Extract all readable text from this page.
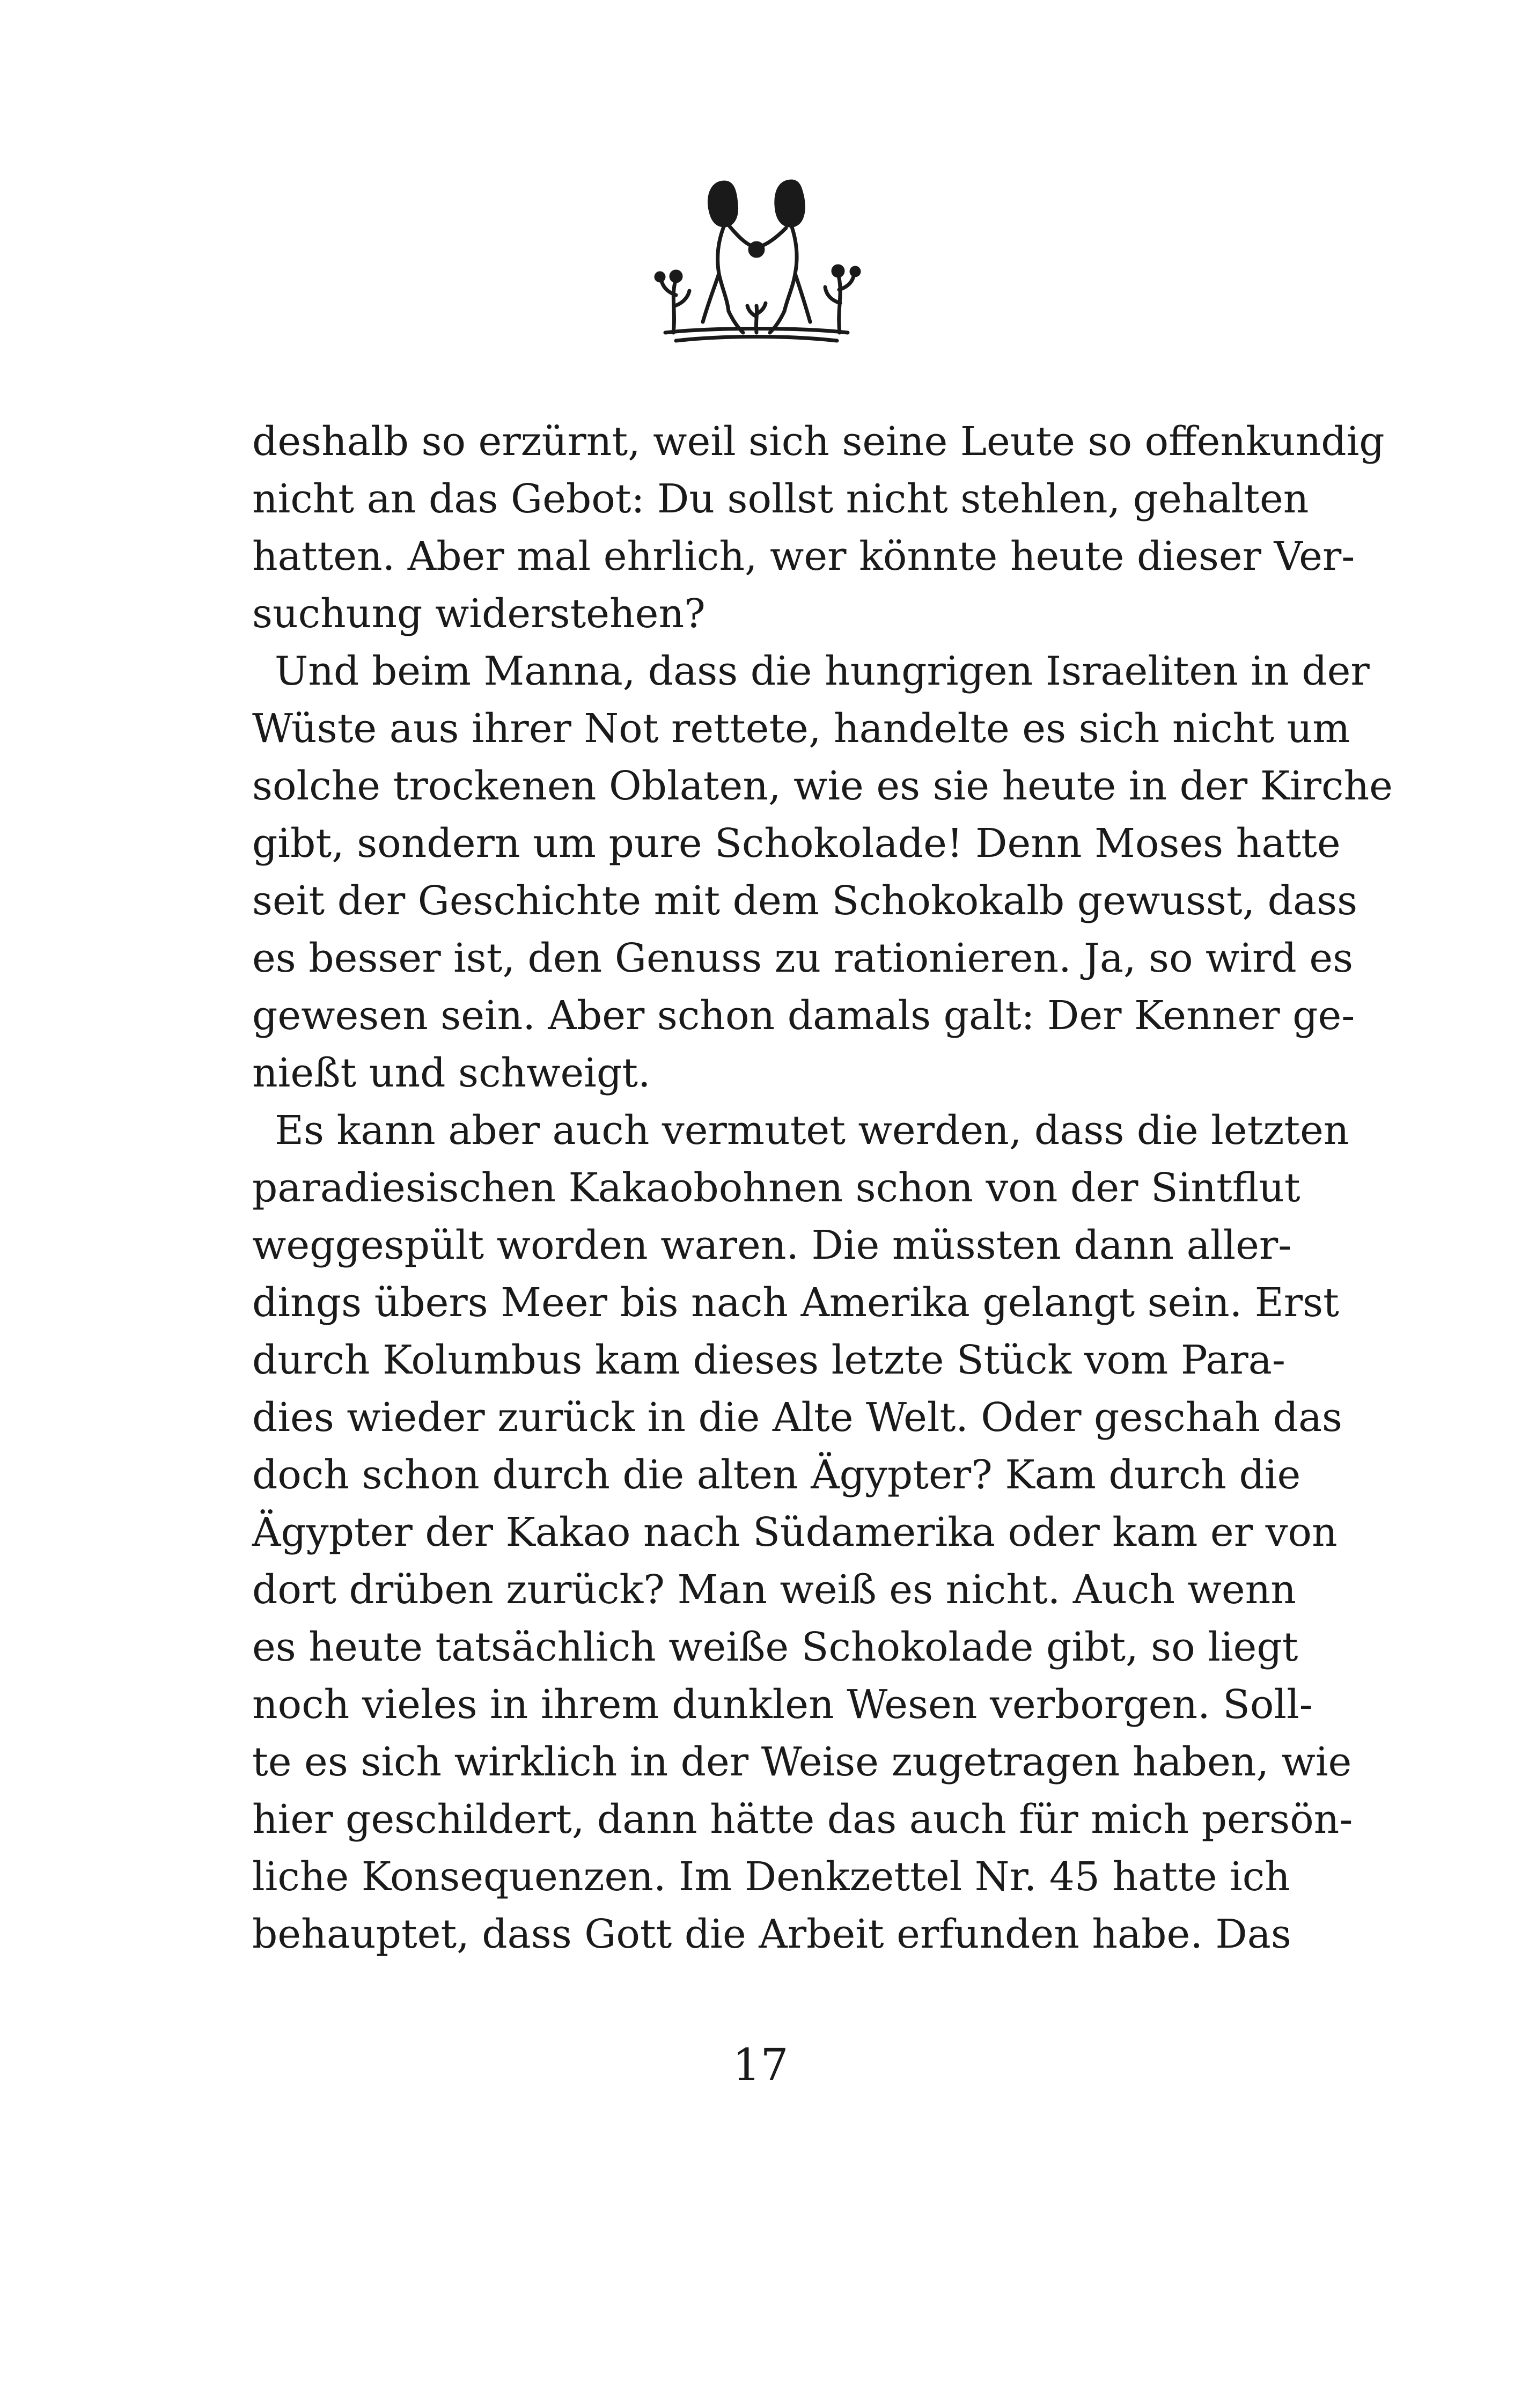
deshalb so erzürnt, weil sich seine Leute so offenkundig
nicht an das Gebot: Du sollst nicht stehlen, gehalten
hatten. Aber mal ehrlich, wer könnte heute dieser Ver-
suchung widerstehen?
Und beim Manna, dass die hungrigen Israeliten in der
Wüste aus ihrer Not rettete, handelte es sich nicht um
solche trockenen Oblaten, wie es sie heute in der Kirche
gibt, sondern um pure Schokolade! Denn Moses hatte
seit der Geschichte mit dem Schokokalb gewusst, dass
es besser ist, den Genuss zu rationieren. Ja, so wird es
gewesen sein. Aber schon damals galt: Der Kenner ge-
nießt und schweigt.
Es kann aber auch vermutet werden, dass die letzten
paradiesischen Kakaobohnen schon von der Sintflut
weggespült worden waren. Die müssten dann aller-
dings übers Meer bis nach Amerika gelangt sein. Erst
durch Kolumbus kam dieses letzte Stück vom Para-
dies wieder zurück in die Alte Welt. Oder geschah das
doch schon durch die alten Ägypter? Kam durch die
Ägypter der Kakao nach Südamerika oder kam er von
dort drüben zurück? Man weiß es nicht. Auch wenn
es heute tatsächlich weiße Schokolade gibt, so liegt
noch vieles in ihrem dunklen Wesen verborgen. Soll-
te es sich wirklich in der Weise zugetragen haben, wie
hier geschildert, dann hätte das auch für mich persön-
liche Konsequenzen. Im Denkzettel Nr. 45 hatte ich
behauptet, dass Gott die Arbeit erfunden habe. Das
17
